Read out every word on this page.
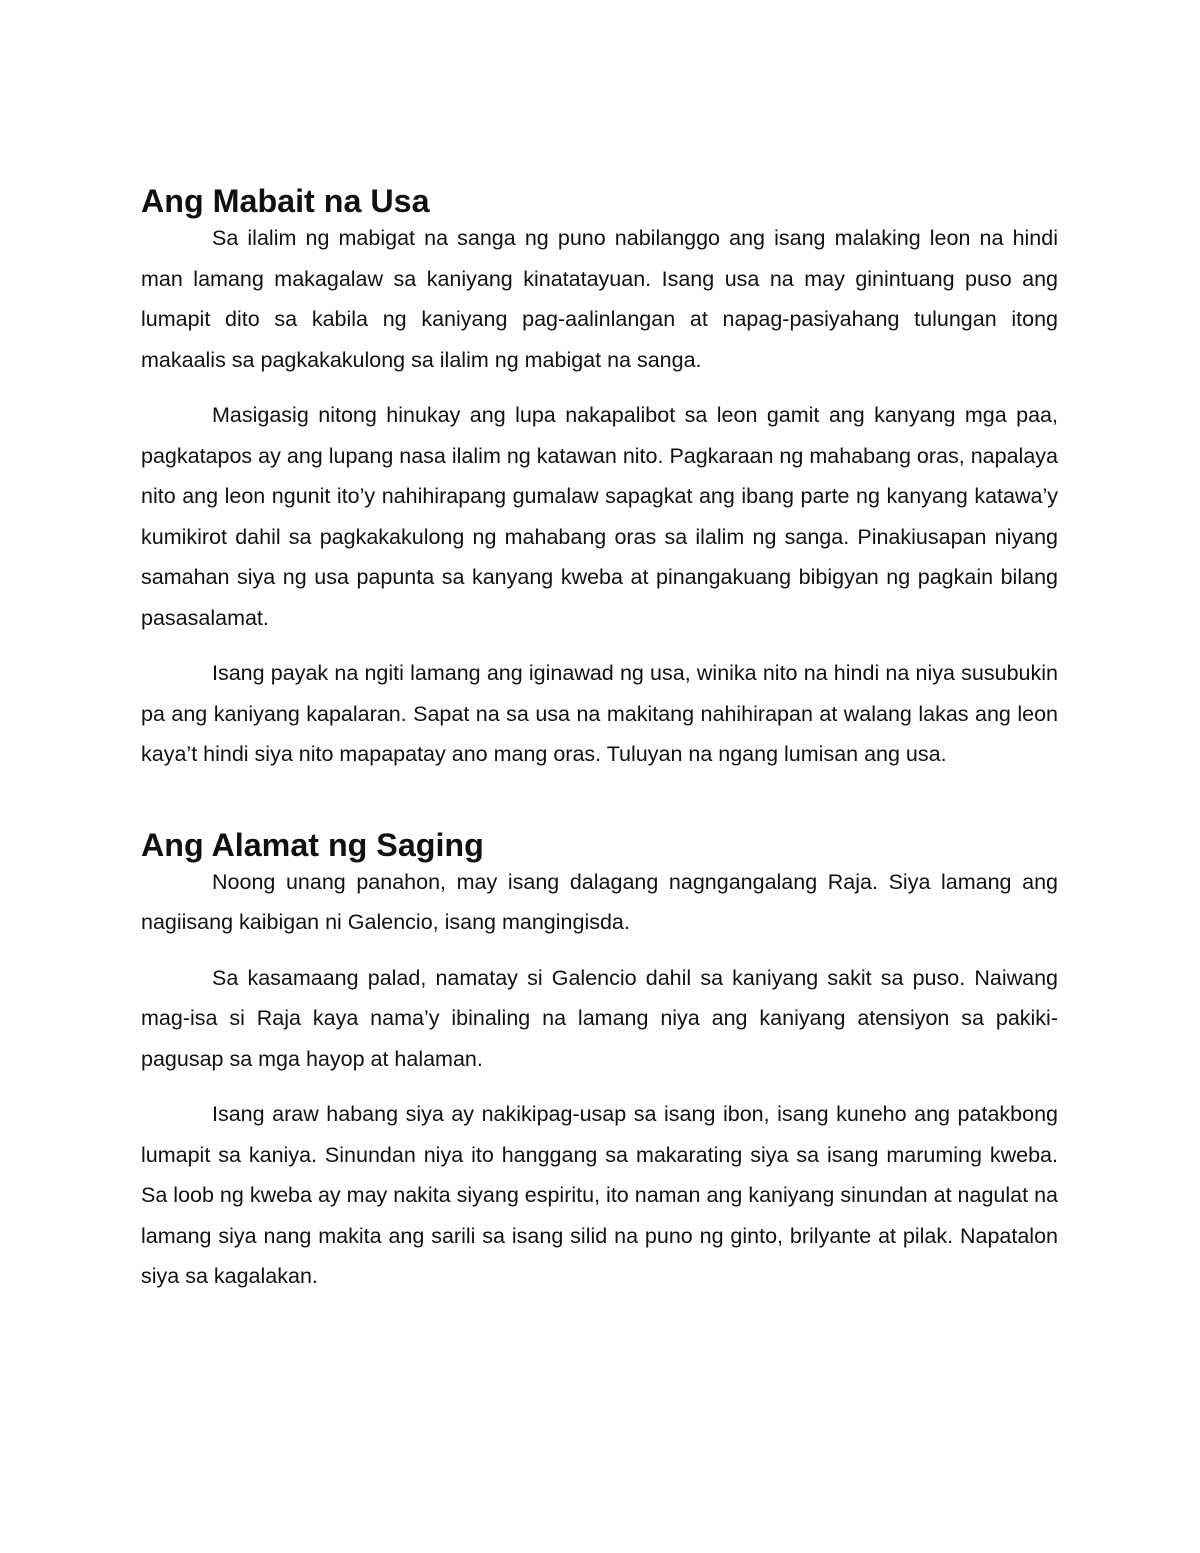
Ang Mabait na Usa

Sa ilalim ng mabigat na sanga ng puno nabilanggo ang isang malaking leon na hindi man lamang makagalaw sa kaniyang kinatatayuan. Isang usa na may ginintuang puso ang lumapit dito sa kabila ng kaniyang pag-aalinlangan at napag-pasiyahang tulungan itong makaalis sa pagkakakulong sa ilalim ng mabigat na sanga.

Masigasig nitong hinukay ang lupa nakapalibot sa leon gamit ang kanyang mga paa, pagkatapos ay ang lupang nasa ilalim ng katawan nito. Pagkaraan ng mahabang oras, napalaya nito ang leon ngunit ito’y nahihirapang gumalaw sapagkat ang ibang parte ng kanyang katawa’y kumikirot dahil sa pagkakakulong ng mahabang oras sa ilalim ng sanga. Pinakiusapan niyang samahan siya ng usa papunta sa kanyang kweba at pinangakuang bibigyan ng pagkain bilang pasasalamat.

Isang payak na ngiti lamang ang iginawad ng usa, winika nito na hindi na niya susubukin pa ang kaniyang kapalaran. Sapat na sa usa na makitang nahihirapan at walang lakas ang leon kaya’t hindi siya nito mapapatay ano mang oras. Tuluyan na ngang lumisan ang usa.

Ang Alamat ng Saging

Noong unang panahon, may isang dalagang nagngangalang Raja. Siya lamang ang nagiisang kaibigan ni Galencio, isang mangingisda.

Sa kasamaang palad, namatay si Galencio dahil sa kaniyang sakit sa puso. Naiwang mag-isa si Raja kaya nama’y ibinaling na lamang niya ang kaniyang atensiyon sa pakiki-pagusap sa mga hayop at halaman.

Isang araw habang siya ay nakikipag-usap sa isang ibon, isang kuneho ang patakbong lumapit sa kaniya. Sinundan niya ito hanggang sa makarating siya sa isang maruming kweba. Sa loob ng kweba ay may nakita siyang espiritu, ito naman ang kaniyang sinundan at nagulat na lamang siya nang makita ang sarili sa isang silid na puno ng ginto, brilyante at pilak. Napatalon siya sa kagalakan.
